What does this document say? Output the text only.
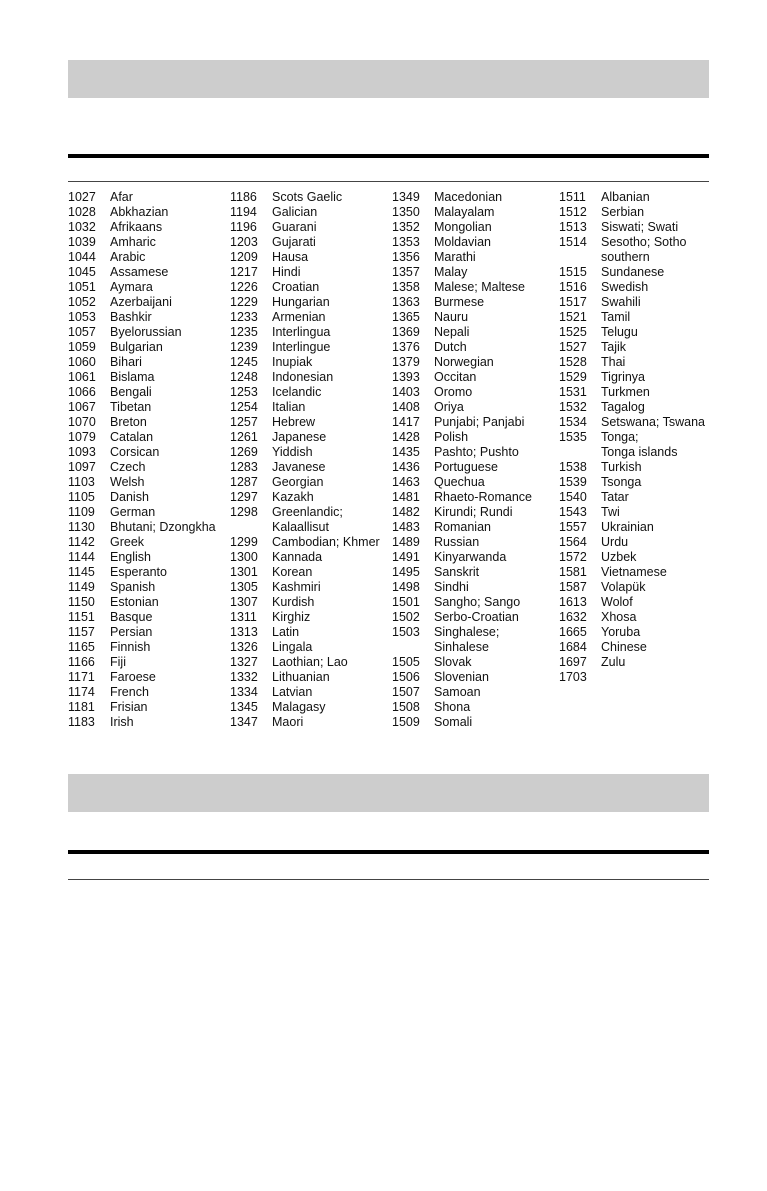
1027	Afar
1028	Abkhazian
1032	Afrikaans
1039	Amharic
1044	Arabic
1045	Assamese
1051	Aymara
1052	Azerbaijani
1053	Bashkir
1057	Byelorussian
1059	Bulgarian
1060	Bihari
1061	Bislama
1066	Bengali
1067	Tibetan
1070	Breton
1079	Catalan
1093	Corsican
1097	Czech
1103	Welsh
1105	Danish
1109	German
1130	Bhutani; Dzongkha
1142	Greek
1144	English
1145	Esperanto
1149	Spanish
1150	Estonian
1151	Basque
1157	Persian
1165	Finnish
1166	Fiji
1171	Faroese
1174	French
1181	Frisian
1183	Irish
1186	Scots Gaelic
1194	Galician
1196	Guarani
1203	Gujarati
1209	Hausa
1217	Hindi
1226	Croatian
1229	Hungarian
1233	Armenian
1235	Interlingua
1239	Interlingue
1245	Inupiak
1248	Indonesian
1253	Icelandic
1254	Italian
1257	Hebrew
1261	Japanese
1269	Yiddish
1283	Javanese
1287	Georgian
1297	Kazakh
1298	Greenlandic;
Kalaallisut
1299	Cambodian; Khmer
1300	Kannada
1301	Korean
1305	Kashmiri
1307	Kurdish
1311	Kirghiz
1313	Latin
1326	Lingala
1327	Laothian; Lao
1332	Lithuanian
1334	Latvian
1345	Malagasy
1347	Maori
1349	Macedonian
1350	Malayalam
1352	Mongolian
1353	Moldavian
1356	Marathi
1357	Malay
1358	Malese; Maltese
1363	Burmese
1365	Nauru
1369	Nepali
1376	Dutch
1379	Norwegian
1393	Occitan
1403	Oromo
1408	Oriya
1417	Punjabi; Panjabi
1428	Polish
1435	Pashto; Pushto
1436	Portuguese
1463	Quechua
1481	Rhaeto-Romance
1482	Kirundi; Rundi
1483	Romanian
1489	Russian
1491	Kinyarwanda
1495	Sanskrit
1498	Sindhi
1501	Sangho; Sango
1502	Serbo-Croatian
1503	Singhalese;
Sinhalese
1505	Slovak
1506	Slovenian
1507	Samoan
1508	Shona
1509	Somali
1511	Albanian
1512	Serbian
1513	Siswati; Swati
1514	Sesotho; Sotho
southern
1515	Sundanese
1516	Swedish
1517	Swahili
1521	Tamil
1525	Telugu
1527	Tajik
1528	Thai
1529	Tigrinya
1531	Turkmen
1532	Tagalog
1534	Setswana; Tswana
1535	Tonga;
Tonga islands
1538	Turkish
1539	Tsonga
1540	Tatar
1543	Twi
1557	Ukrainian
1564	Urdu
1572	Uzbek
1581	Vietnamese
1587	Volapük
1613	Wolof
1632	Xhosa
1665	Yoruba
1684	Chinese
1697	Zulu
1703
